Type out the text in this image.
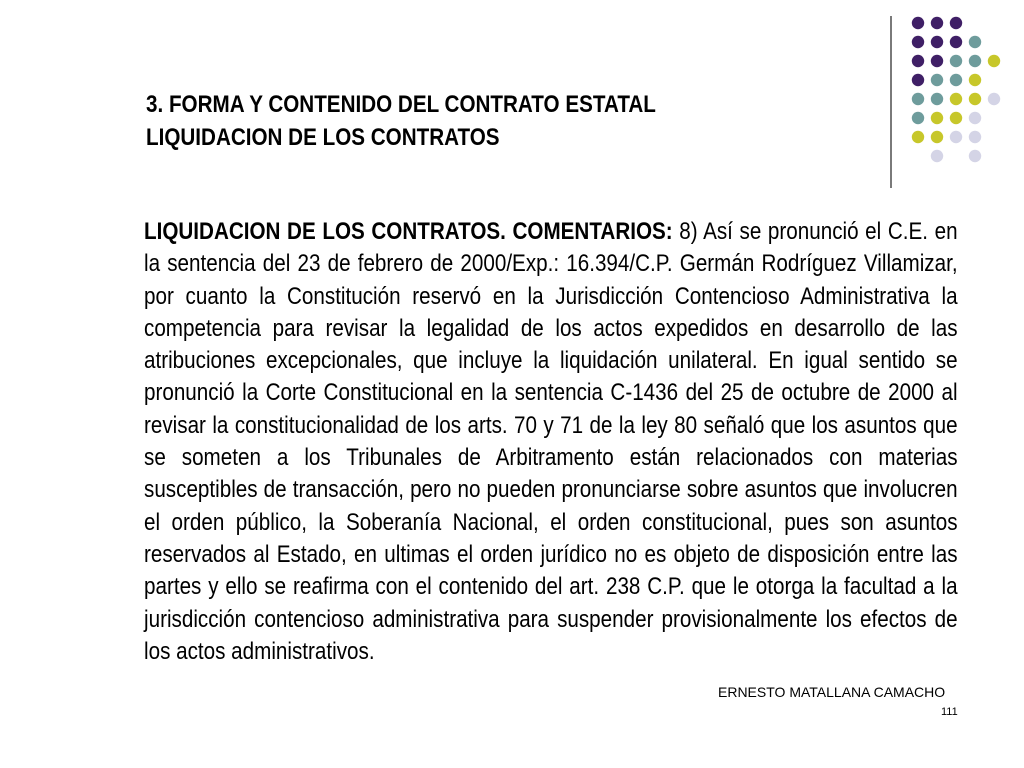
3. FORMA Y CONTENIDO DEL CONTRATO ESTATAL
LIQUIDACION DE LOS CONTRATOS
LIQUIDACION DE LOS CONTRATOS. COMENTARIOS: 8) Así se pronunció el C.E. en la sentencia del 23 de febrero de 2000/Exp.: 16.394/C.P. Germán Rodríguez Villamizar, por cuanto la Constitución reservó en la Jurisdicción Contencioso Administrativa la competencia para revisar la legalidad de los actos expedidos en desarrollo de las atribuciones excepcionales, que incluye la liquidación unilateral. En igual sentido se pronunció la Corte Constitucional en la sentencia C-1436 del 25 de octubre de 2000 al revisar la constitucionalidad de los arts. 70 y 71 de la ley 80 señaló que los asuntos que se someten a los Tribunales de Arbitramento están relacionados con materias susceptibles de transacción, pero no pueden pronunciarse sobre asuntos que involucren el orden público, la Soberanía Nacional, el orden constitucional, pues son asuntos reservados al Estado, en ultimas el orden jurídico no es objeto de disposición entre las partes y ello se reafirma con el contenido del art. 238 C.P. que le otorga la facultad a la jurisdicción contencioso administrativa para suspender provisionalmente los efectos de los actos administrativos.
ERNESTO MATALLANA CAMACHO
111
